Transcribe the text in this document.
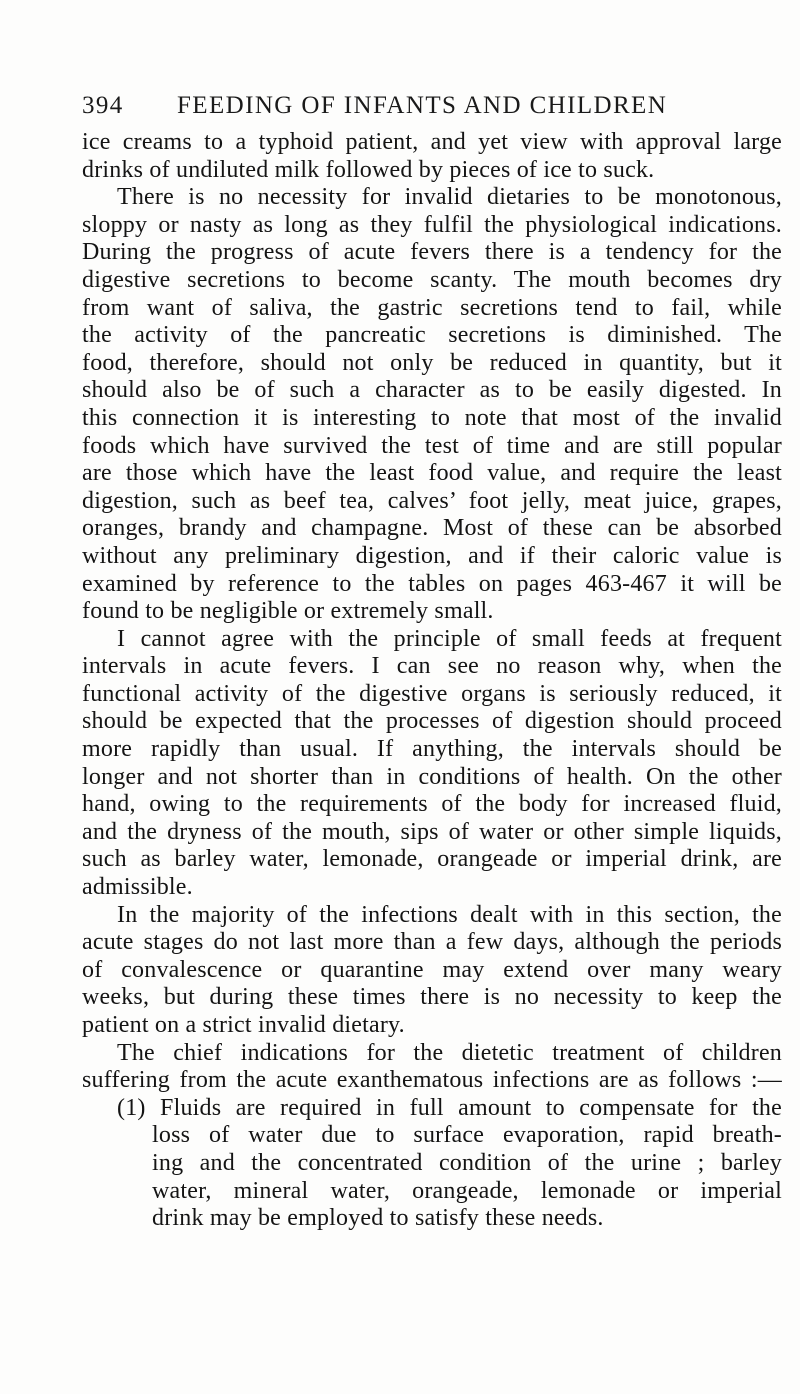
394 FEEDING OF INFANTS AND CHILDREN
ice creams to a typhoid patient, and yet view with approval large
drinks of undiluted milk followed by pieces of ice to suck.
There is no necessity for invalid dietaries to be monotonous,
sloppy or nasty as long as they fulfil the physiological indications.
During the progress of acute fevers there is a tendency for the
digestive secretions to become scanty. The mouth becomes dry
from want of saliva, the gastric secretions tend to fail, while
the activity of the pancreatic secretions is diminished. The
food, therefore, should not only be reduced in quantity, but it
should also be of such a character as to be easily digested. In
this connection it is interesting to note that most of the invalid
foods which have survived the test of time and are still popular
are those which have the least food value, and require the least
digestion, such as beef tea, calves’ foot jelly, meat juice, grapes,
oranges, brandy and champagne. Most of these can be absorbed
without any preliminary digestion, and if their caloric value is
examined by reference to the tables on pages 463-467 it will be
found to be negligible or extremely small.
I cannot agree with the principle of small feeds at frequent
intervals in acute fevers. I can see no reason why, when the
functional activity of the digestive organs is seriously reduced, it
should be expected that the processes of digestion should proceed
more rapidly than usual. If anything, the intervals should be
longer and not shorter than in conditions of health. On the other
hand, owing to the requirements of the body for increased fluid,
and the dryness of the mouth, sips of water or other simple liquids,
such as barley water, lemonade, orangeade or imperial drink, are
admissible.
In the majority of the infections dealt with in this section, the
acute stages do not last more than a few days, although the periods
of convalescence or quarantine may extend over many weary
weeks, but during these times there is no necessity to keep the
patient on a strict invalid dietary.
The chief indications for the dietetic treatment of children
suffering from the acute exanthematous infections are as follows :—
(1) Fluids are required in full amount to compensate for the
loss of water due to surface evaporation, rapid breath-
ing and the concentrated condition of the urine ; barley
water, mineral water, orangeade, lemonade or imperial
drink may be employed to satisfy these needs.
